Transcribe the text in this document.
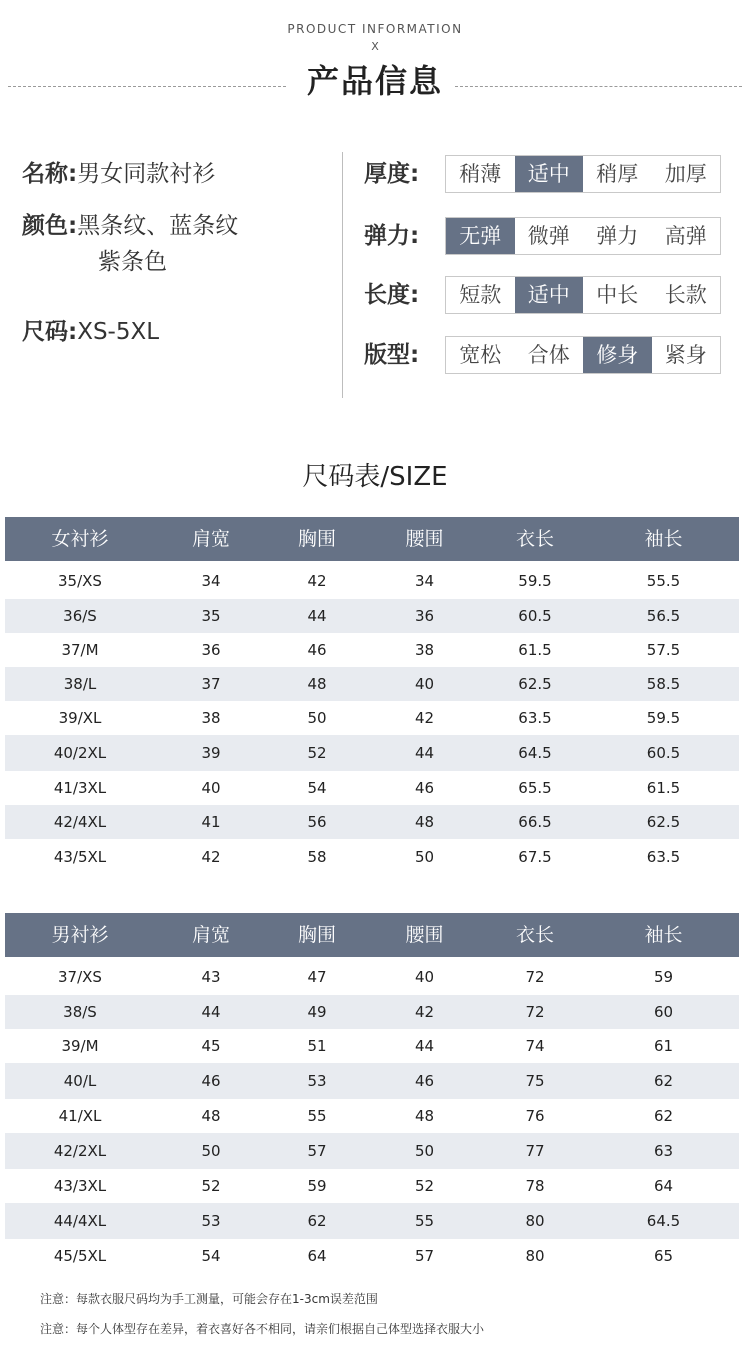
PRODUCT INFORMATION
X
产品信息
名称:男女同款衬衫
颜色:黑条纹、蓝条纹
紫条色
尺码:XS-5XL
厚度:	稍薄	适中	稍厚	加厚
弹力:	无弹	微弹	弹力	高弹
长度:	短款	适中	中长	长款
版型:	宽松	合体	修身	紧身
尺码表/SIZE
女衬衫	肩宽	胸围	腰围	衣长	袖长
35/XS	34	42	34	59.5	55.5
36/S	35	44	36	60.5	56.5
37/M	36	46	38	61.5	57.5
38/L	37	48	40	62.5	58.5
39/XL	38	50	42	63.5	59.5
40/2XL	39	52	44	64.5	60.5
41/3XL	40	54	46	65.5	61.5
42/4XL	41	56	48	66.5	62.5
43/5XL	42	58	50	67.5	63.5
男衬衫	肩宽	胸围	腰围	衣长	袖长
37/XS	43	47	40	72	59
38/S	44	49	42	72	60
39/M	45	51	44	74	61
40/L	46	53	46	75	62
41/XL	48	55	48	76	62
42/2XL	50	57	50	77	63
43/3XL	52	59	52	78	64
44/4XL	53	62	55	80	64.5
45/5XL	54	64	57	80	65
注意：每款衣服尺码均为手工测量，可能会存在1-3cm误差范围
注意：每个人体型存在差异，着衣喜好各不相同，请亲们根据自己体型选择衣服大小
